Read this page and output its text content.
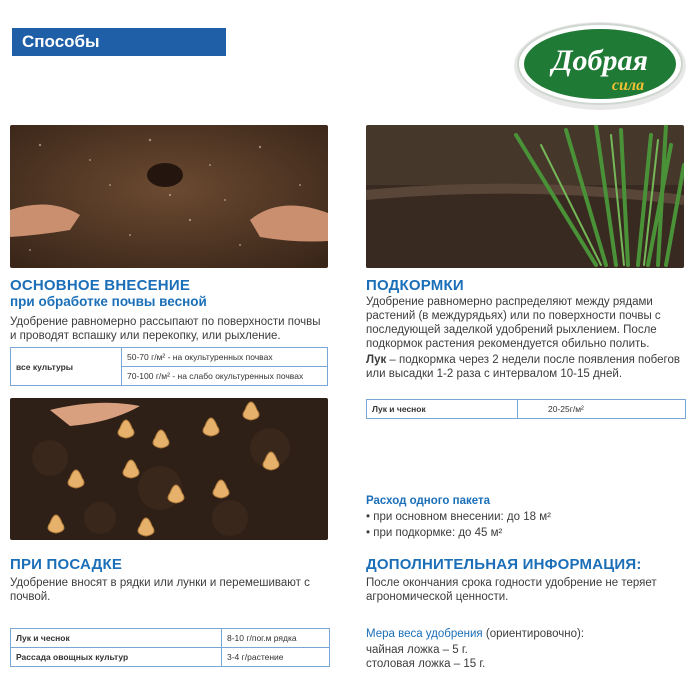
Способы использования	Добрая
сила
ОСНОВНОЕ ВНЕСЕНИЕ
при обработке почвы весной
Удобрение равномерно рассыпают по поверхности почвы и проводят вспашку или перекопку, или рыхление.
все культуры	50-70 г/м² - на окультуренных почвах
70-100 г/м² - на слабо окультуренных почвах
ПОДКОРМКИ
Удобрение равномерно распределяют между рядами растений (в междурядьях) или по поверхности почвы с последующей заделкой удобрений рыхлением. После подкормок растения рекомендуется обильно полить.
Лук – подкормка через 2 недели после появления побегов или высадки 1-2 раза с интервалом 10-15 дней.
Лук и чеснок	20-25г/м²
Расход одного пакета
• при основном внесении: до 18 м²
• при подкормке: до 45 м²
ПРИ ПОСАДКЕ
Удобрение вносят в рядки или лунки и перемешивают с почвой.
Лук и чеснок	8-10 г/пог.м рядка
Рассада овощных культур	3-4 г/растение
ДОПОЛНИТЕЛЬНАЯ ИНФОРМАЦИЯ:
После окончания срока годности удобрение не теряет агрономической ценности.
Мера веса удобрения (ориентировочно):
чайная ложка – 5 г.
столовая ложка – 15 г.
